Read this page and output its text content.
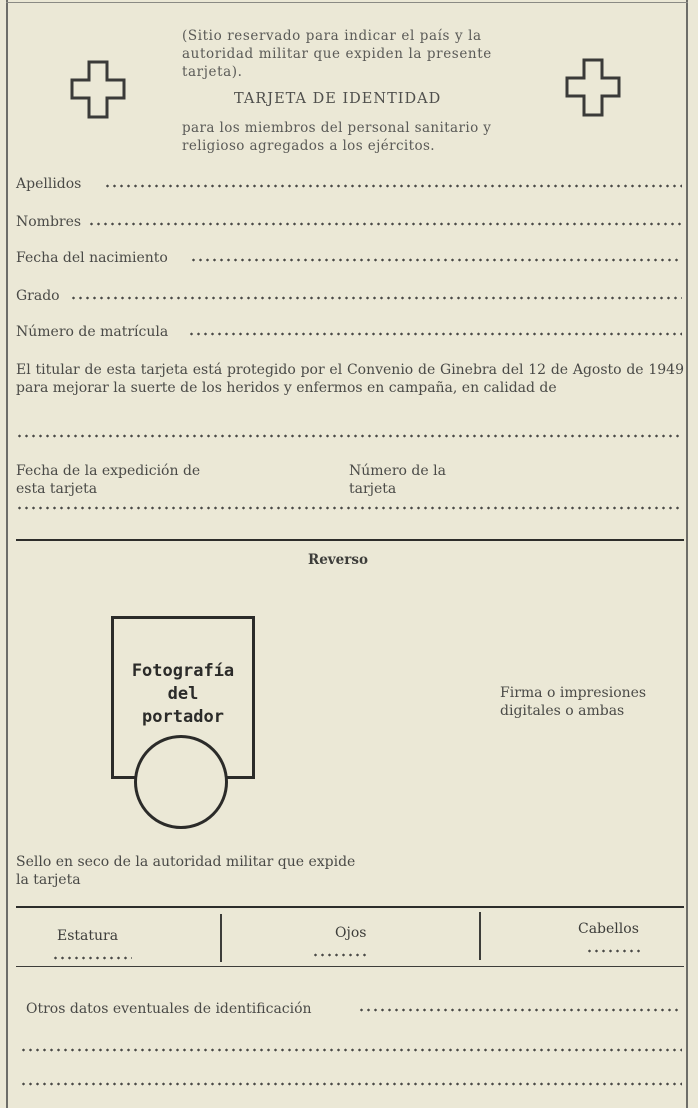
(Sitio reservado para indicar el país y la autoridad militar que expiden la presente tarjeta).
TARJETA DE IDENTIDAD
para los miembros del personal sanitario y religioso agregados a los ejércitos.
Apellidos
Nombres
Fecha del nacimiento
Grado
Número de matrícula
El titular de esta tarjeta está protegido por el Convenio de Ginebra del 12 de Agosto de 1949 para mejorar la suerte de los heridos y enfermos en campaña, en calidad de
Fecha de la expedición de esta tarjeta
Número de la tarjeta
Reverso
Fotografía
del
portador
Firma o impresiones digitales o ambas
Sello en seco de la autoridad militar que expide la tarjeta
Estatura	Ojos	Cabellos
Otros datos eventuales de identificación
